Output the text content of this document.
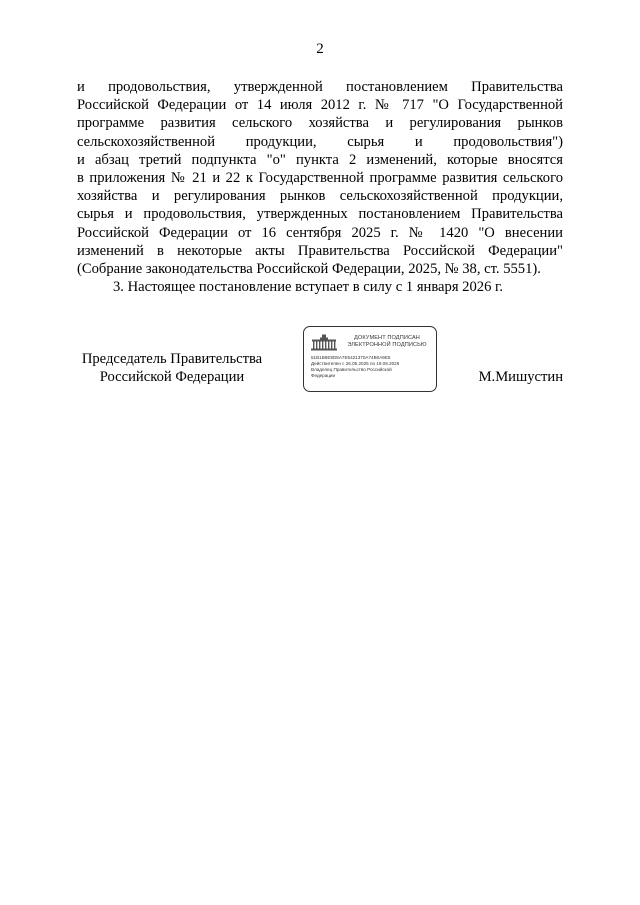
2

и продовольствия, утвержденной постановлением Правительства
Российской Федерации от 14 июля 2012 г. № 717 "О Государственной
программе развития сельского хозяйства и регулирования рынков
сельскохозяйственной продукции, сырья и продовольствия")
и абзац третий подпункта "о" пункта 2 изменений, которые вносятся
в приложения № 21 и 22 к Государственной программе развития сельского
хозяйства и регулирования рынков сельскохозяйственной продукции,
сырья и продовольствия, утвержденных постановлением Правительства
Российской Федерации от 16 сентября 2025 г. № 1420 "О внесении
изменений в некоторые акты Правительства Российской Федерации"
(Собрание законодательства Российской Федерации, 2025, № 38, ст. 5551).

3. Настоящее постановление вступает в силу с 1 января 2026 г.

Председатель Правительства
Российской Федерации
ДОКУМЕНТ ПОДПИСАН
ЭЛЕКТРОННОЙ ПОДПИСЬЮ
51B1B6E9D8A7E5421370A74B0A9E5
Действителен с 26.05.2025 по 19.08.2026
Владелец Правительство Российской
Федерации	М.Мишустин
